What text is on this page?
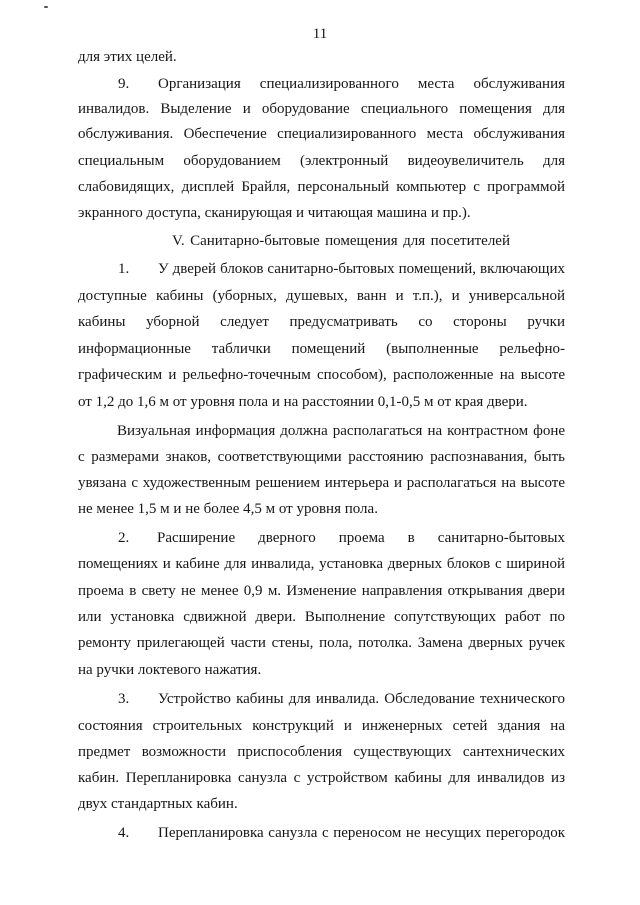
11
для этих целей.
9. Организация специализированного места обслуживания
инвалидов. Выделение и оборудование специального помещения для
обслуживания. Обеспечение специализированного места обслуживания
специальным оборудованием (электронный видеоувеличитель для
слабовидящих, дисплей Брайля, персональный компьютер с программой
экранного доступа, сканирующая и читающая машина и пр.).
V. Санитарно-бытовые помещения для посетителей
1. У дверей блоков санитарно-бытовых помещений, включающих
доступные кабины (уборных, душевых, ванн и т.п.), и универсальной
кабины уборной следует предусматривать со стороны ручки
информационные таблички помещений (выполненные рельефно-
графическим и рельефно-точечным способом), расположенные на высоте
от 1,2 до 1,6 м от уровня пола и на расстоянии 0,1-0,5 м от края двери.
Визуальная информация должна располагаться на контрастном фоне
с размерами знаков, соответствующими расстоянию распознавания, быть
увязана с художественным решением интерьера и располагаться на высоте
не менее 1,5 м и не более 4,5 м от уровня пола.
2. Расширение дверного проема в санитарно-бытовых
помещениях и кабине для инвалида, установка дверных блоков с шириной
проема в свету не менее 0,9 м. Изменение направления открывания двери
или установка сдвижной двери. Выполнение сопутствующих работ по
ремонту прилегающей части стены, пола, потолка. Замена дверных ручек
на ручки локтевого нажатия.
3. Устройство кабины для инвалида. Обследование технического
состояния строительных конструкций и инженерных сетей здания на
предмет возможности приспособления существующих сантехнических
кабин. Перепланировка санузла с устройством кабины для инвалидов из
двух стандартных кабин.
4. Перепланировка санузла с переносом не несущих перегородок
